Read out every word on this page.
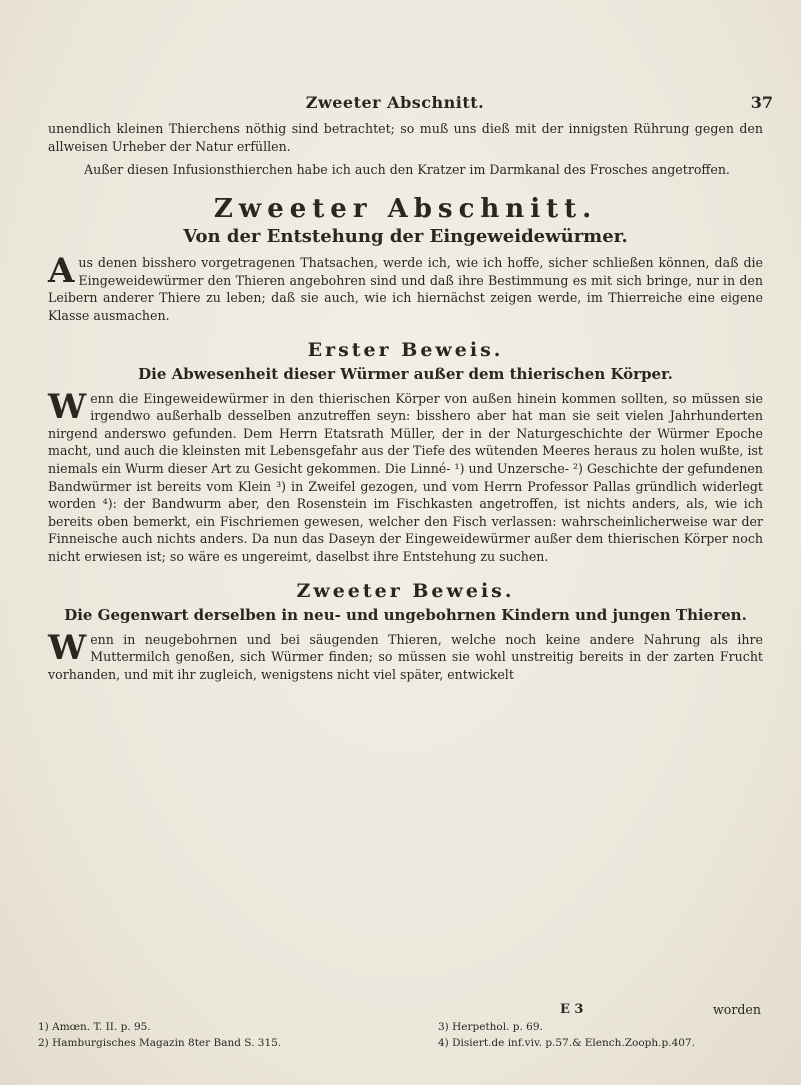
Zweeter Abschnitt.	37

unendlich kleinen Thierchens nöthig sind betrachtet; so muß uns dieß mit der innigsten Rührung gegen den allweisen Urheber der Natur erfüllen.

Außer diesen Infusionsthierchen habe ich auch den Kratzer im Darmkanal des Frosches angetroffen.

Zweeter Abschnitt.
Von der Entstehung der Eingeweidewürmer.

A us denen bisshero vorgetragenen Thatsachen, werde ich, wie ich hoffe, sicher schließen können, daß die Eingeweidewürmer den Thieren angebohren sind und daß ihre Bestimmung es mit sich bringe, nur in den Leibern anderer Thiere zu leben; daß sie auch, wie ich hiernächst zeigen werde, im Thierreiche eine eigene Klasse ausmachen.

Erster Beweis.
Die Abwesenheit dieser Würmer außer dem thierischen Körper.

W enn die Eingeweidewürmer in den thierischen Körper von außen hinein kommen sollten, so müssen sie irgendwo außerhalb desselben anzutreffen seyn: bisshero aber hat man sie seit vielen Jahrhunderten nirgend anderswo gefunden. Dem Herrn Etatsrath Müller, der in der Naturgeschichte der Würmer Epoche macht, und auch die kleinsten mit Lebensgefahr aus der Tiefe des wütenden Meeres heraus zu holen wußte, ist niemals ein Wurm dieser Art zu Gesicht gekommen. Die Linné- ¹) und Unzersche- ²) Geschichte der gefundenen Bandwürmer ist bereits vom Klein ³) in Zweifel gezogen, und vom Herrn Professor Pallas gründlich widerlegt worden ⁴): der Bandwurm aber, den Rosenstein im Fischkasten angetroffen, ist nichts anders, als, wie ich bereits oben bemerkt, ein Fischriemen gewesen, welcher den Fisch verlassen: wahrscheinlicherweise war der Finneische auch nichts anders. Da nun das Daseyn der Eingeweidewürmer außer dem thierischen Körper noch nicht erwiesen ist; so wäre es ungereimt, daselbst ihre Entstehung zu suchen.

Zweeter Beweis.
Die Gegenwart derselben in neu- und ungebohrnen Kindern und jungen Thieren.

W enn in neugebohrnen und bei säugenden Thieren, welche noch keine andere Nahrung als ihre Muttermilch genoßen, sich Würmer finden; so müssen sie wohl unstreitig bereits in der zarten Frucht vorhanden, und mit ihr zugleich, wenigstens nicht viel später, entwickelt

E 3	worden
1) Amœn. T. II. p. 95.
2) Hamburgisches Magazin 8ter Band S. 315.
3) Herpethol. p. 69.
4) Disiert.de inf.viv. p.57.& Elench.Zooph.p.407.
